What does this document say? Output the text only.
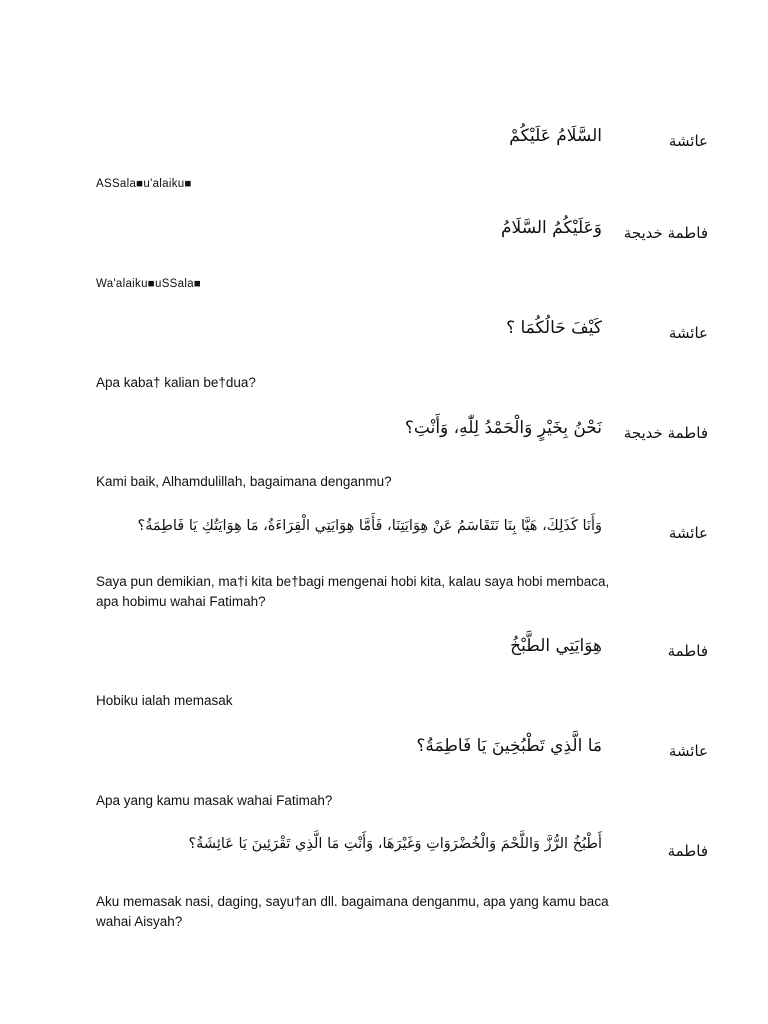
عائشة
السَّلَامُ عَلَيْكُمْ
ASSala■u'alaiku■
فاطمة خديجة
وَعَلَيْكُمُ السَّلَامُ
Wa'alaiku■uSSala■
عائشة
كَيْفَ حَالُكُمَا ؟
Apa kaba† kalian be†dua?
فاطمة خديجة
نَحْنُ بِخَيْرٍ وَالْحَمْدُ لِلّٰهِ، وَأَنْتِ؟
Kami baik, Alhamdulillah, bagaimana denganmu?
عائشة
وَأَنَا كَذَلِكَ، هَيَّا بِنَا نَتَقَاسَمُ عَنْ هِوَايَتِنَا، فَأَمَّا هِوَايَتِي الْقِرَاءَةُ، مَا هِوَايَتُكِ يَا فَاطِمَةُ؟
Saya pun demikian, ma†i kita be†bagi mengenai hobi kita, kalau saya hobi membaca, apa hobimu wahai Fatimah?
فاطمة
هِوَايَتِي الطَّبْخُ
Hobiku ialah memasak
عائشة
مَا الَّذِي تَطْبُخِينَ يَا فَاطِمَةُ؟
Apa yang kamu masak wahai Fatimah?
فاطمة
أَطْبُخُ الرُّزَّ وَاللَّحْمَ وَالْخُضْرَوَاتِ وَغَيْرَهَا، وَأَنْتِ مَا الَّذِي تَقْرَئِينَ يَا عَائِشَةُ؟
Aku memasak nasi, daging, sayu†an dll. bagaimana denganmu, apa yang kamu baca wahai Aisyah?
